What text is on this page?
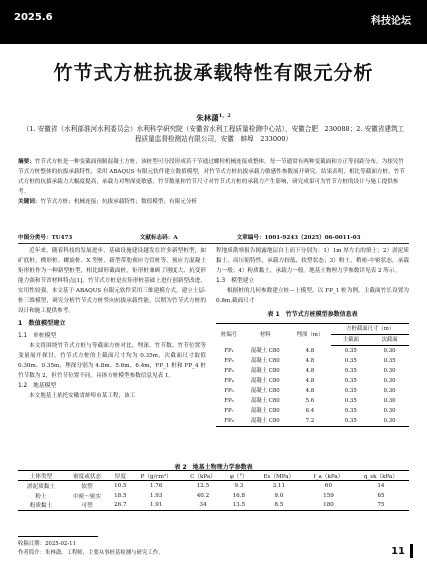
2025.6	科技论坛
竹节式方桩抗拔承载特性有限元分析
朱林潇$^{1,2}$
（1. 安徽省（水利部淮河水利委员会）水利科学研究院（安徽省水利工程质量检测中心站），安徽合肥　230088；2. 安徽省建筑工程质量监督检测站有限公司，安徽　蚌埠　233000）
摘要：竹节式方桩是一种变截面预制混凝土方桩，该桩型可分段形成若干节通过螺栓机械连接成整体，每一节通常有两种变截面和方正等间距分布。为探究竹节式方桩整体的抗拔承载特性，采用 ABAQUS 有限元软件建立数值模型，对竹节式方桩抗拔承载力敏感性参数展开研究。结果表明，相比等截面方桩，竹节式方桩的抗拔承载力大幅度提高，承载力对埋深更敏感，竹节数量和竹节尺寸对竹节式方桩的承载力产生影响，研究成果可为竹节方桩的设计与施工提供参考。
关键词：竹节式方桩；机械连接；抗拔承载特性；数值模型；有限元分析
中图分类号：TU473	文献标志码：A	文章编号：1001-9243（2025）06-0011-03

近年来，随着科技的发展进步，基础设施建设越发在许多新型桩型，如矿底桩、楔形桩、螺旋桩、X 型桩、新型带肋预应力管桩等。预应力混凝土矩形桩作为一种新型桩型，相比圆形截面桩，矩形桩兼顾了刚度大、抗变形能力强和节省材料特点[1]。竹节式方桩是在矩形桩基础上进行创新型改进，实用性较强。本文基于 ABAQUS 有限元软件采用三维建模方式，建立土层-桩三维模型，研究分析竹节式方桩竖向抗拔承载性能，以期为竹节式方桩的设计和施工提供参考。

1　数值模型建立

1.1　单桩模型

本文将围绕竹节式方桩与等截面方桩对比、埋深、竹节数、竹节位置等变量展开探讨，竹节式方桩的主截面尺寸均为 0.35m，次截面尺寸取值 0.30m、0.35m，埋深分别为 4.8m、5.6m、6.4m，FP_1 桩和 FP_4 桩竹节数为 2，但竹节位置不同。具体方桩模型参数信息见表 1。

1.2　地基模型

本文地基土依托安徽省蚌埠市某工程，该工

程地质勘察报告揭露地层自上而下分别为：1）1m 厚左右的填土；2）淤泥质黏土，高压缩特性，承载力较低，软塑状态；3）粉土，稍密-中密状态，承载力一般；4）粉质黏土，承载力一般。地基土物理力学参数详见表 2 所示。

1.3　模型建立

根据桩的几何参数建立桩—土模型，以 FP_1 桩为例，主截面竹长设置为 0.8m,截面尺寸

表 1　竹节式方桩模型参数信息表

桩编号	材料	埋深（m）	方桩截面尺寸（m）	
			主截面	次截面
FP₁	混凝土 C80	4.8	0.35	0.30
FP₂	混凝土 C80	4.8	0.35	0.35
FP₃	混凝土 C80	4.8	0.35	0.30
FP₄	混凝土 C80	4.8	0.35	0.30
FP₅	混凝土 C80	4.8	0.35	0.30
FP₆	混凝土 C80	5.6	0.35	0.30
FP₇	混凝土 C80	6.4	0.35	0.30
FP₈	混凝土 C80	7.2	0.35	0.30

表 2　地基土物理力学参数表

土体类型	密度或状态	厚度	P（g/cm³）	C（kPa）	φ（°）	Es（MPa）	f_a（kPa）	q_sk（kPa）
淤泥质黏土	软塑	10.5	1.76	12.5	9.3	3.11	60	14
粉土	中密～密实	18.5	1.93	40.2	16.8	9.0	159	65
粉质黏土	可塑	26.7	1.91	34	13.5	8.5	180	75
收稿日期：2025-02-11
作者简介：朱林潇，工程师，主要从事桩基检测与研究工作。	11
